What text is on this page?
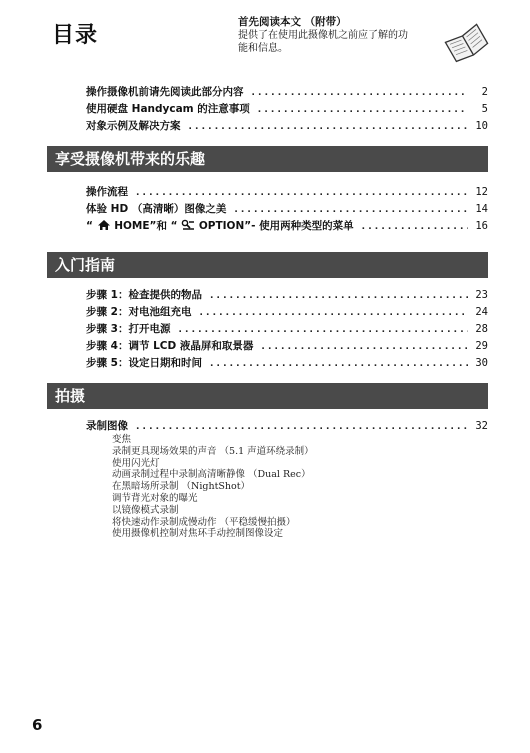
目录
首先阅读本文 （附带）
提供了在使用此摄像机之前应了解的功
能和信息。
操作摄像机前请先阅读此部分内容 . . .	2
使用硬盘 Handycam 的注意事项 . . .	5
对象示例及解决方案 . . .	10
享受摄像机带来的乐趣
操作流程 . . .	12
体验 HD （高清晰）图像之美 . . .	14
“ HOME”和 “ OPTION”- 使用两种类型的菜单 . . .	16
入门指南
步骤 1：检查提供的物品 . . .	23
步骤 2：对电池组充电 . . .	24
步骤 3：打开电源 . . .	28
步骤 4：调节 LCD 液晶屏和取景器 . . .	29
步骤 5：设定日期和时间 . . .	30
拍摄
录制图像 . . .	32
变焦
录制更具现场效果的声音 （5.1 声道环绕录制）
使用闪光灯
动画录制过程中录制高清晰静像 （Dual Rec）
在黑暗场所录制 （NightShot）
调节背光对象的曝光
以镜像模式录制
将快速动作录制成慢动作 （平稳缓慢拍摄）
使用摄像机控制对焦环手动控制图像设定
6
